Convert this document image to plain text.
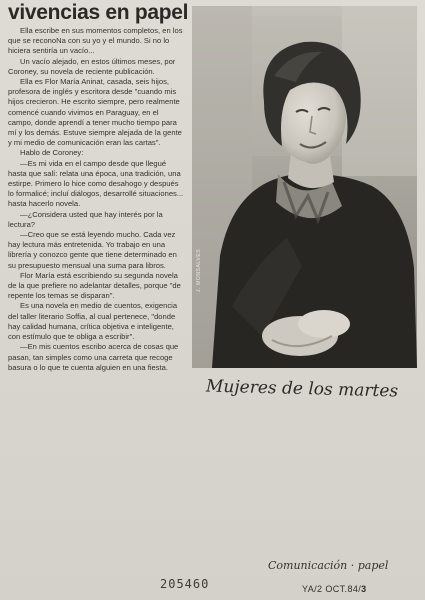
vivencias en papel

Ella escribe en sus momentos completos, en los que se reconoNa con su yo y el mundo. Si no lo hiciera sentiría un vacío...

Un vacío alejado, en estos últimos meses, por Coroney, su novela de reciente publicación.

Ella es Flor María Aninat, casada, seis hijos, profesora de inglés y escritora desde "cuando mis hijos crecieron. He escrito siempre, pero realmente comencé cuando vivimos en Paraguay, en el campo, donde aprendí a tener mucho tiempo para mí y los demás. Estuve siempre alejada de la gente y mi medio de comunicación eran las cartas".

Hablo de Coroney:

—Es mi vida en el campo desde que llegué hasta que salí: relata una época, una tradición, una estirpe. Primero lo hice como desahogo y después lo formalicé; incluí diálogos, desarrollé situaciones... hasta hacerlo novela.

—¿Considera usted que hay interés por la lectura?

—Creo que se está leyendo mucho. Cada vez hay lectura más entretenida. Yo trabajo en una librería y conozco gente que tiene determinado en su presupuesto mensual una suma para libros.

Flor María está escribiendo su segunda novela de la que prefiere no adelantar detalles, porque "de repente los temas se disparan".

Es una novela en medio de cuentos, exigencia del taller literario Soffia, al cual pertenece, "donde hay calidad humana, crítica objetiva e inteligente, con estímulo que te obliga a escribir".

—En mis cuentos escribo acerca de cosas que pasan, tan simples como una carreta que recoge basura o lo que te cuenta alguien en una fiesta.

J. MONSALVES
Mujeres de los martes
Comunicación · papel
205460	YA/2 OCT.84/3
